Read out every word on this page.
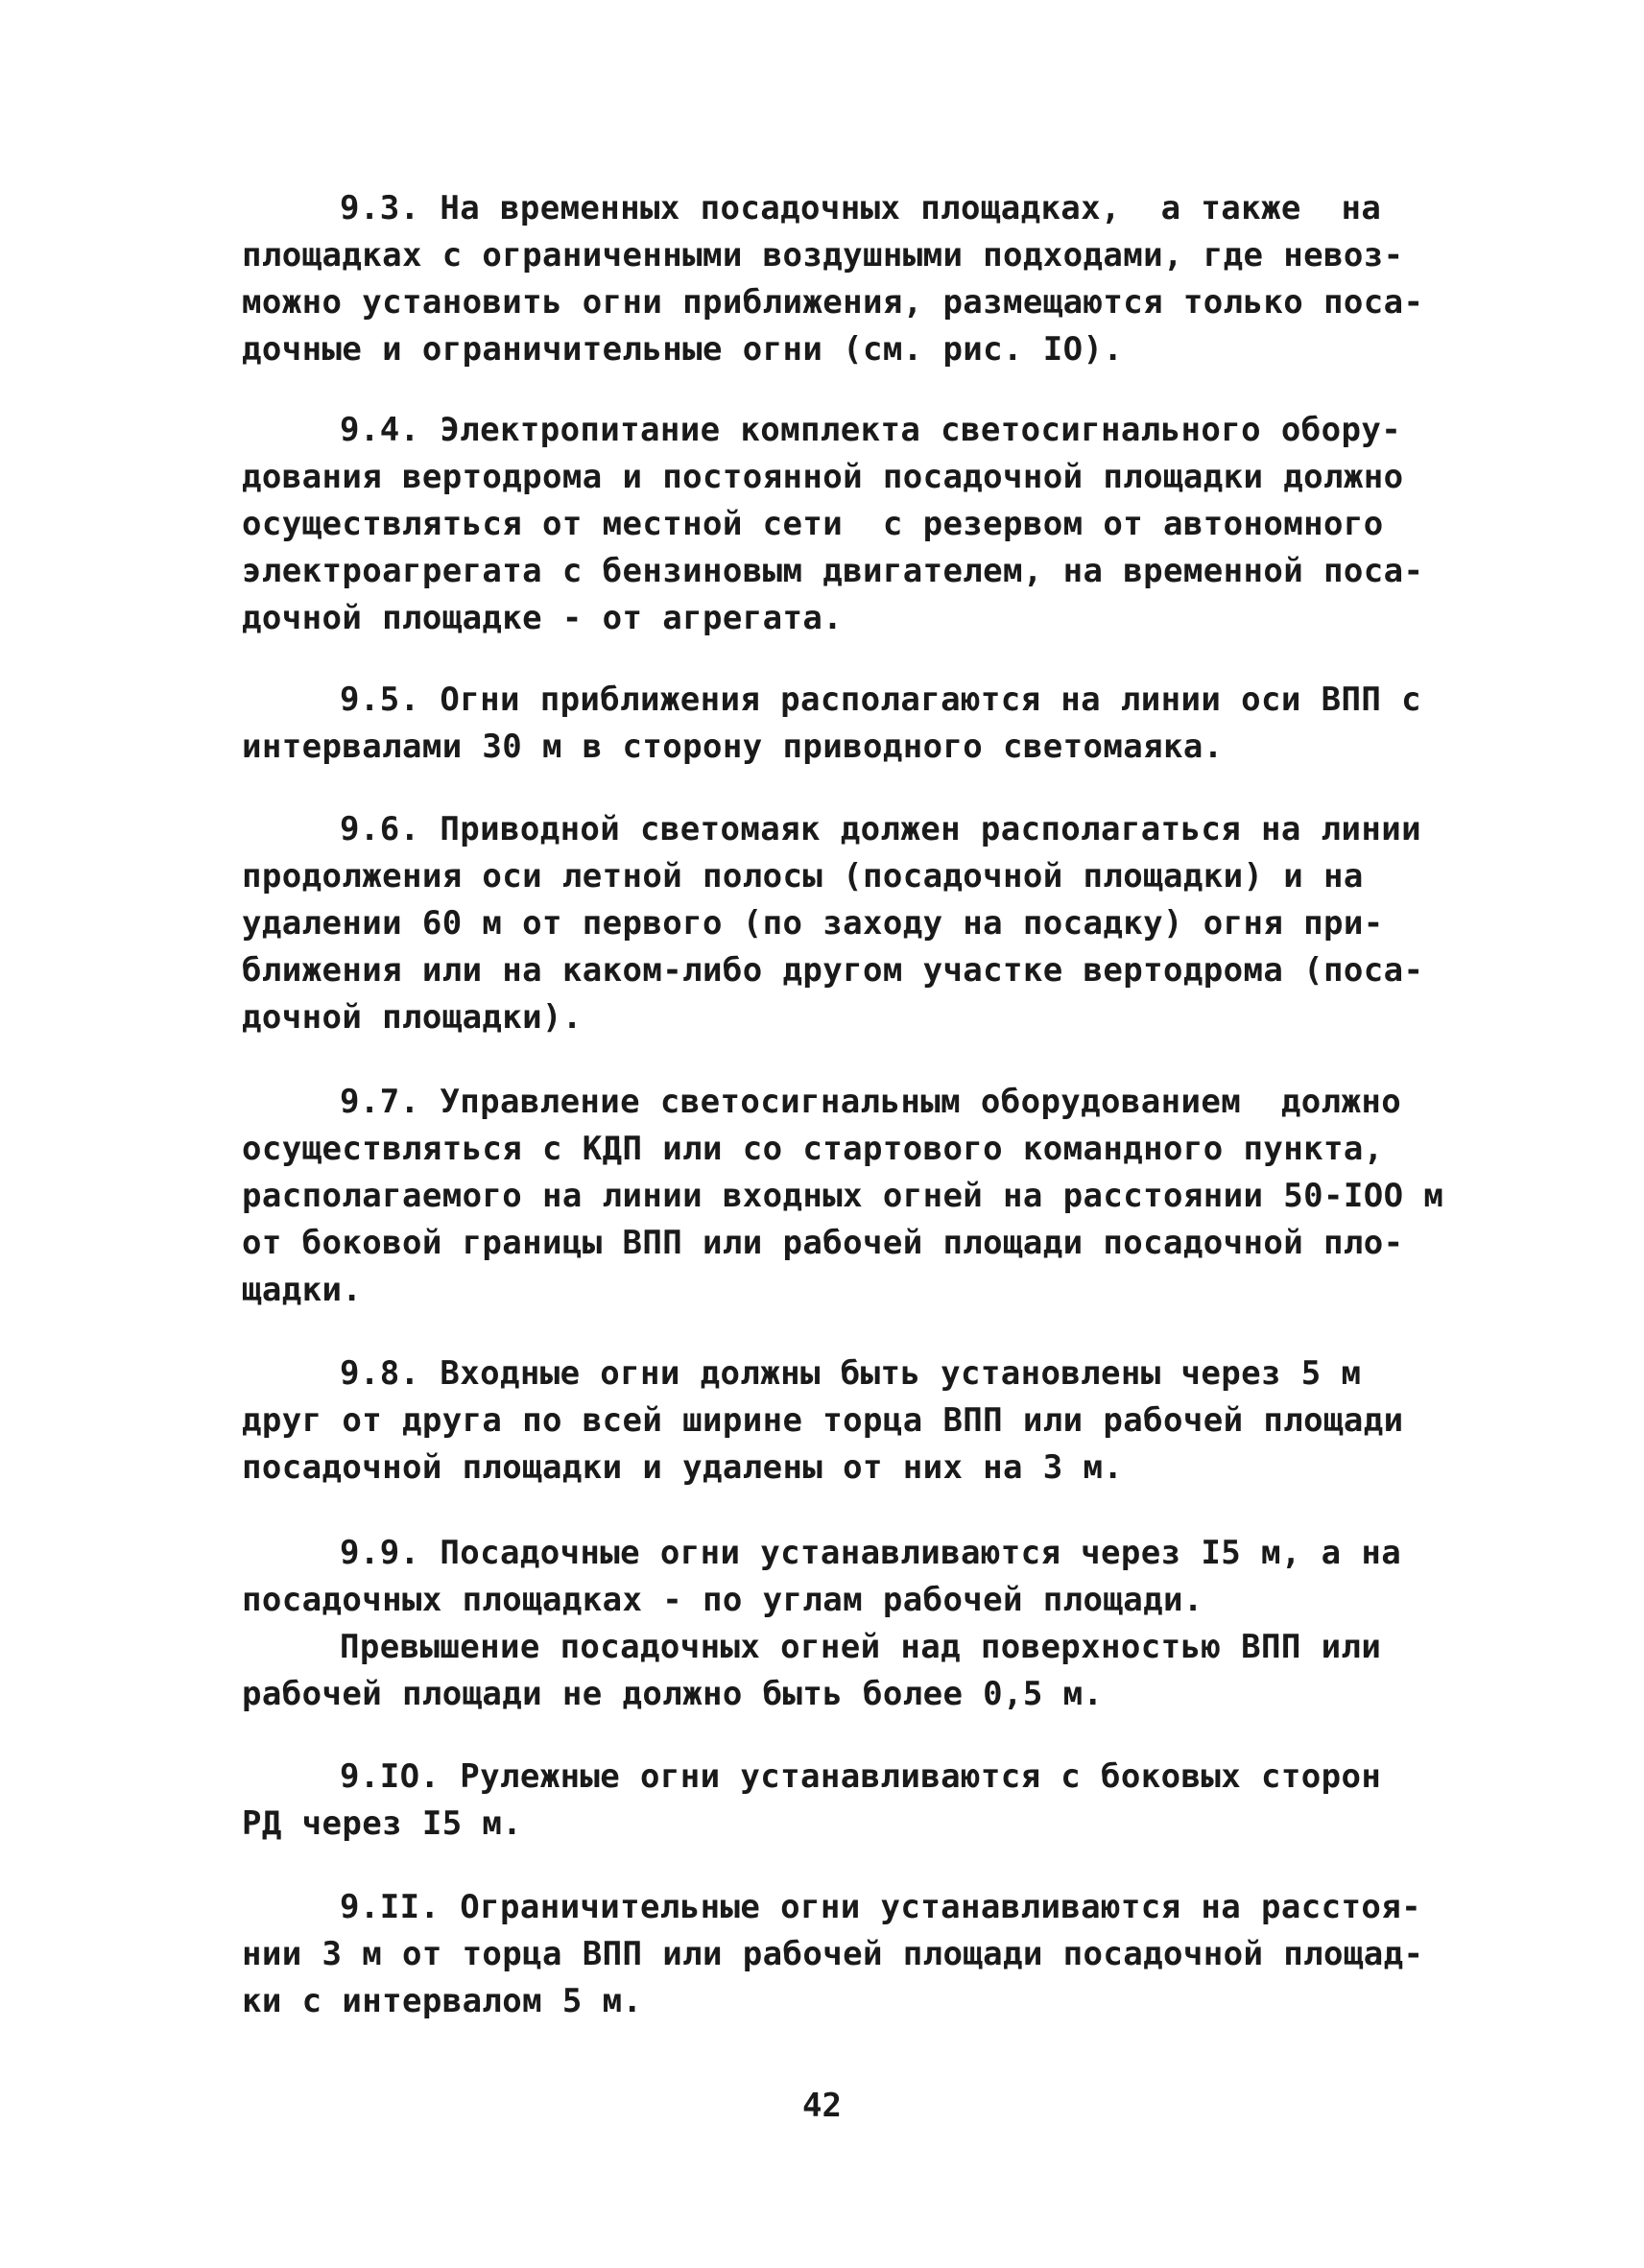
9.3. На временных посадочных площадках,  а также  на
площадках с ограниченными воздушными подходами, где невоз-
можно установить огни приближения, размещаются только поса-
дочные и ограничительные огни (см. рис. IO).
9.4. Электропитание комплекта светосигнального обору-
дования вертодрома и постоянной посадочной площадки должно
осуществляться от местной сети  с резервом от автономного
электроагрегата с бензиновым двигателем, на временной поса-
дочной площадке - от агрегата.
9.5. Огни приближения располагаются на линии оси ВПП с
интервалами 30 м в сторону приводного светомаяка.
9.6. Приводной светомаяк должен располагаться на линии
продолжения оси летной полосы (посадочной площадки) и на
удалении 60 м от первого (по заходу на посадку) огня при-
ближения или на каком-либо другом участке вертодрома (поса-
дочной площадки).
9.7. Управление светосигнальным оборудованием  должно
осуществляться с КДП или со стартового командного пункта,
располагаемого на линии входных огней на расстоянии 50-IOO м
от боковой границы ВПП или рабочей площади посадочной пло-
щадки.
9.8. Входные огни должны быть установлены через 5 м
друг от друга по всей ширине торца ВПП или рабочей площади
посадочной площадки и удалены от них на 3 м.
9.9. Посадочные огни устанавливаются через I5 м, а на
посадочных площадках - по углам рабочей площади.
Превышение посадочных огней над поверхностью ВПП или
рабочей площади не должно быть более 0,5 м.
9.IO. Рулежные огни устанавливаются с боковых сторон
РД через I5 м.
9.II. Ограничительные огни устанавливаются на расстоя-
нии 3 м от торца ВПП или рабочей площади посадочной площад-
ки с интервалом 5 м.
42
